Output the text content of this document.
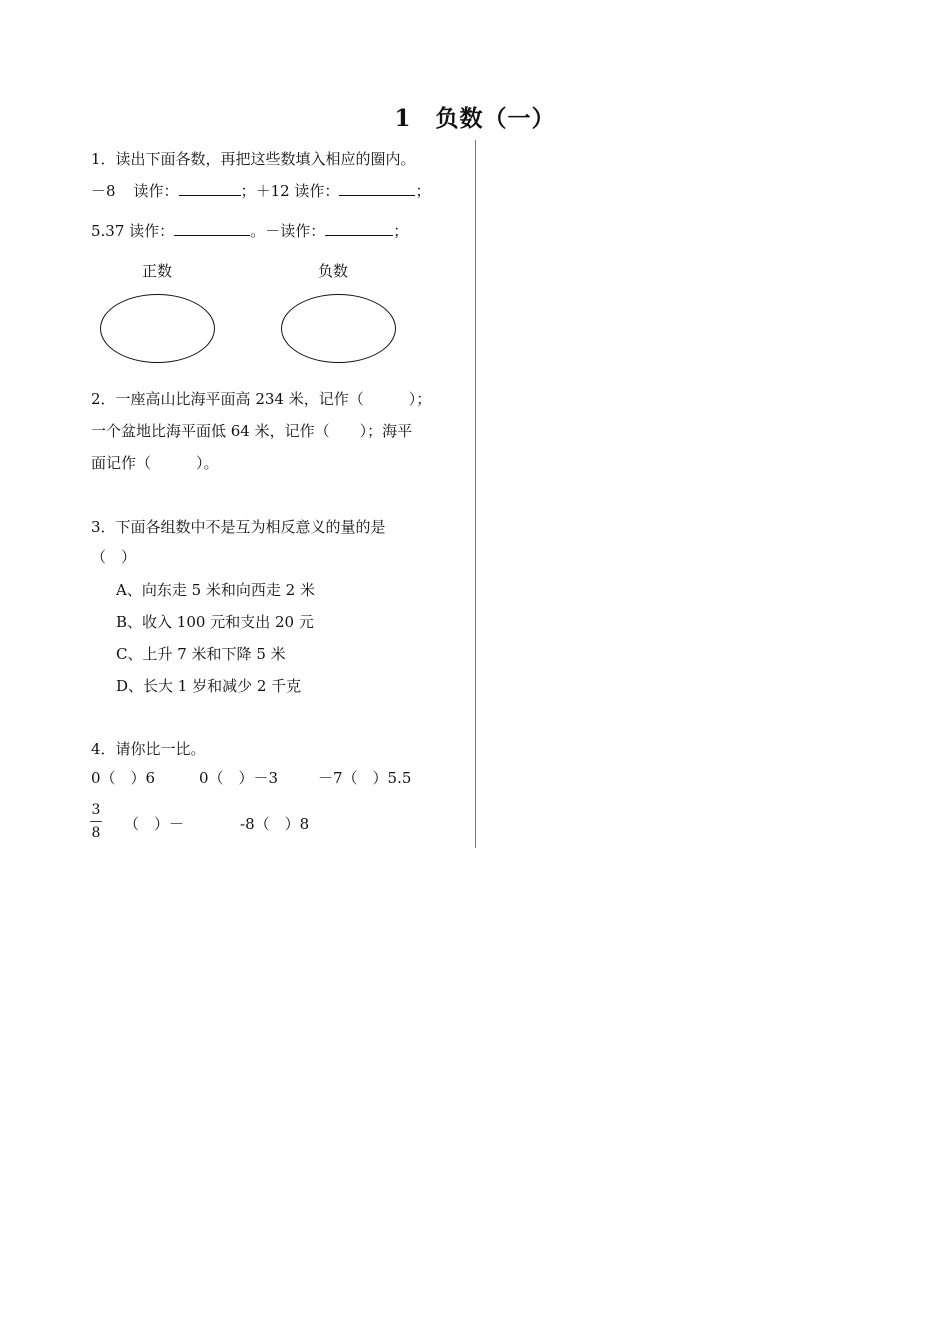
1　负数（一）
1．读出下面各数，再把这些数填入相应的圈内。
－8 读作：	；＋12 读作：	；
5.37 读作：	。－读作：	；
正数	负数
2．一座高山比海平面高 234 米，记作（　　　）；
一个盆地比海平面低 64 米，记作（　　）；海平
面记作（　　　）。
3．下面各组数中不是互为相反意义的量的是
（　）
A、向东走 5 米和向西走 2 米
B、收入 100 元和支出 20 元
C、上升 7 米和下降 5 米
D、长大 1 岁和减少 2 千克
4．请你比一比。
0（　）6	0（　）－3	－7（　）5.5
3
8 （　）－	-8（　）8
